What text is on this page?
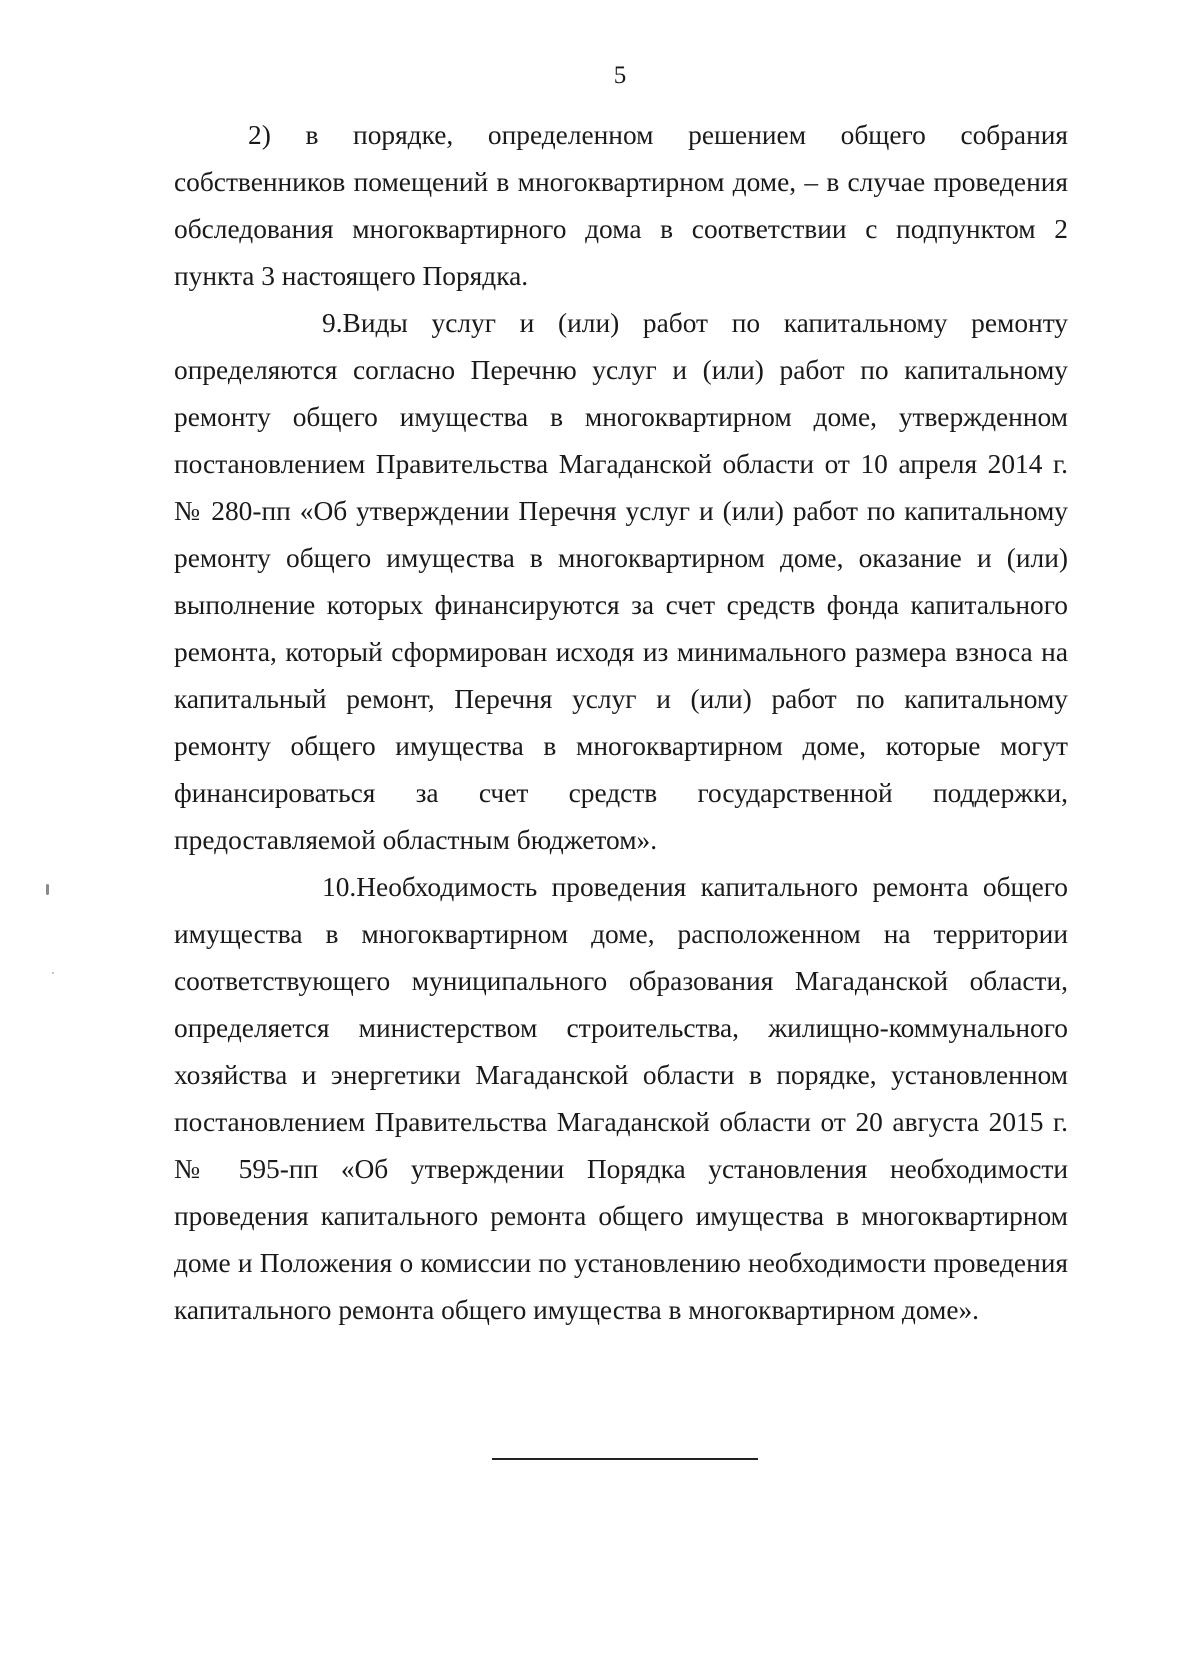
5

2) в порядке, определенном решением общего собрания собственников помещений в многоквартирном доме, – в случае проведения обследования многоквартирного дома в соответствии с подпунктом 2 пункта 3 настоящего Порядка.

9.Виды услуг и (или) работ по капитальному ремонту определяются согласно Перечню услуг и (или) работ по капитальному ремонту общего имущества в многоквартирном доме, утвержденном постановлением Правительства Магаданской области от 10 апреля 2014 г. № 280-пп «Об утверждении Перечня услуг и (или) работ по капитальному ремонту общего имущества в многоквартирном доме, оказание и (или) выполнение которых финансируются за счет средств фонда капитального ремонта, который сформирован исходя из минимального размера взноса на капитальный ремонт, Перечня услуг и (или) работ по капитальному ремонту общего имущества в многоквартирном доме, которые могут финансироваться за счет средств государственной поддержки, предоставляемой областным бюджетом».

10.Необходимость проведения капитального ремонта общего имущества в многоквартирном доме, расположенном на территории соответствующего муниципального образования Магаданской области, определяется министерством строительства, жилищно-коммунального хозяйства и энергетики Магаданской области в порядке, установленном постановлением Правительства Магаданской области от 20 августа 2015 г. № 595-пп «Об утверждении Порядка установления необходимости проведения капитального ремонта общего имущества в многоквартирном доме и Положения о комиссии по установлению необходимости проведения капитального ремонта общего имущества в многоквартирном доме».
